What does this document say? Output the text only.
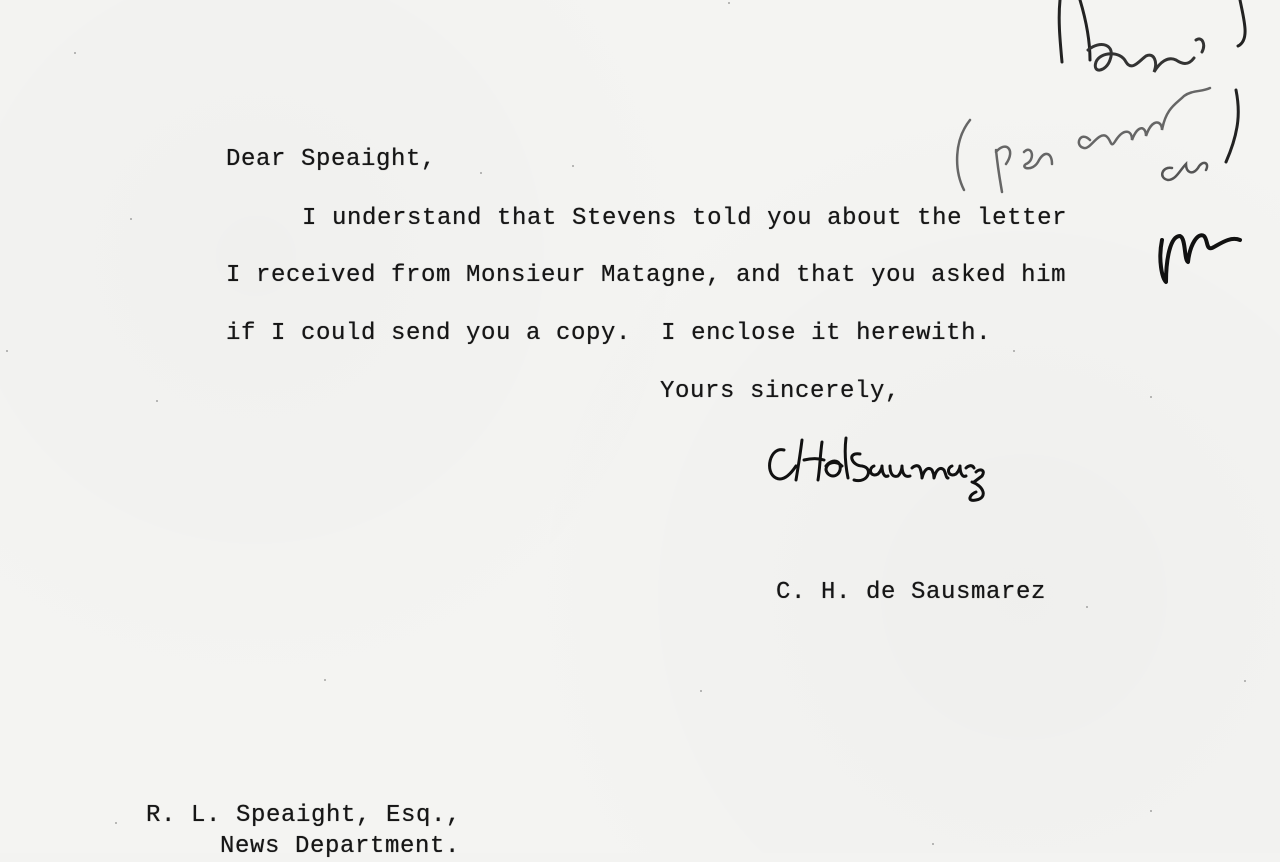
Dear Speaight,
I understand that Stevens told you about the letter
I received from Monsieur Matagne, and that you asked him
if I could send you a copy.  I enclose it herewith.
Yours sincerely,
C. H. de Sausmarez
R. L. Speaight, Esq.,
News Department.
